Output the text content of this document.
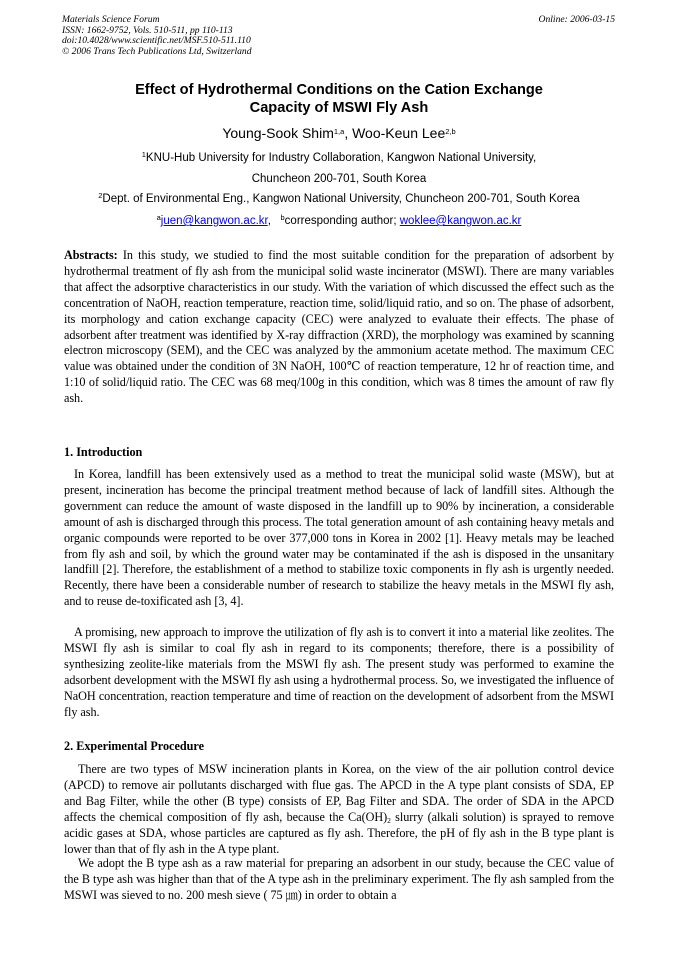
Materials Science Forum
ISSN: 1662-9752, Vols. 510-511, pp 110-113
doi:10.4028/www.scientific.net/MSF.510-511.110
© 2006 Trans Tech Publications Ltd, Switzerland
Online: 2006-03-15
Effect of Hydrothermal Conditions on the Cation Exchange
Capacity of MSWI Fly Ash
Young-Sook Shim$^{1,a}$, Woo-Keun Lee$^{2,b}$
$^1$KNU-Hub University for Industry Collaboration, Kangwon National University,
Chuncheon 200-701, South Korea
$^2$Dept. of Environmental Eng., Kangwon National University, Chuncheon 200-701, South Korea
$^a$juen@kangwon.ac.kr,   $^b$corresponding author; woklee@kangwon.ac.kr

Abstracts: In this study, we studied to find the most suitable condition for the preparation of adsorbent by hydrothermal treatment of fly ash from the municipal solid waste incinerator (MSWI). There are many variables that affect the adsorptive characteristics in our study. With the variation of which discussed the effect such as the concentration of NaOH, reaction temperature, reaction time, solid/liquid ratio, and so on. The phase of adsorbent, its morphology and cation exchange capacity (CEC) were analyzed to evaluate their effects. The phase of adsorbent after treatment was identified by X-ray diffraction (XRD), the morphology was examined by scanning electron microscopy (SEM), and the CEC was analyzed by the ammonium acetate method. The maximum CEC value was obtained under the condition of 3N NaOH, 100℃ of reaction temperature, 12 hr of reaction time, and 1:10 of solid/liquid ratio. The CEC was 68 meq/100g in this condition, which was 8 times the amount of raw fly ash.

1. Introduction

In Korea, landfill has been extensively used as a method to treat the municipal solid waste (MSW), but at present, incineration has become the principal treatment method because of lack of landfill sites. Although the government can reduce the amount of waste disposed in the landfill up to 90% by incineration, a considerable amount of ash is discharged through this process. The total generation amount of ash containing heavy metals and organic compounds were reported to be over 377,000 tons in Korea in 2002 [1]. Heavy metals may be leached from fly ash and soil, by which the ground water may be contaminated if the ash is disposed in the unsanitary landfill [2]. Therefore, the establishment of a method to stabilize toxic components in fly ash is urgently needed. Recently, there have been a considerable number of research to stabilize the heavy metals in the MSWI fly ash, and to reuse de-toxificated ash [3, 4].

A promising, new approach to improve the utilization of fly ash is to convert it into a material like zeolites. The MSWI fly ash is similar to coal fly ash in regard to its components; therefore, there is a possibility of synthesizing zeolite-like materials from the MSWI fly ash. The present study was performed to examine the adsorbent development with the MSWI fly ash using a hydrothermal process. So, we investigated the influence of NaOH concentration, reaction temperature and time of reaction on the development of adsorbent from the MSWI fly ash.

2. Experimental Procedure

There are two types of MSW incineration plants in Korea, on the view of the air pollution control device (APCD) to remove air pollutants discharged with flue gas. The APCD in the A type plant consists of SDA, EP and Bag Filter, while the other (B type) consists of EP, Bag Filter and SDA. The order of SDA in the APCD affects the chemical composition of fly ash, because the $Ca(OH)_2$ slurry (alkali solution) is sprayed to remove acidic gases at SDA, whose particles are captured as fly ash. Therefore, the pH of fly ash in the B type plant is lower than that of fly ash in the A type plant.

We adopt the B type ash as a raw material for preparing an adsorbent in our study, because the CEC value of the B type ash was higher than that of the A type ash in the preliminary experiment. The fly ash sampled from the MSWI was sieved to no. 200 mesh sieve ( 75 ㎛) in order to obtain a
